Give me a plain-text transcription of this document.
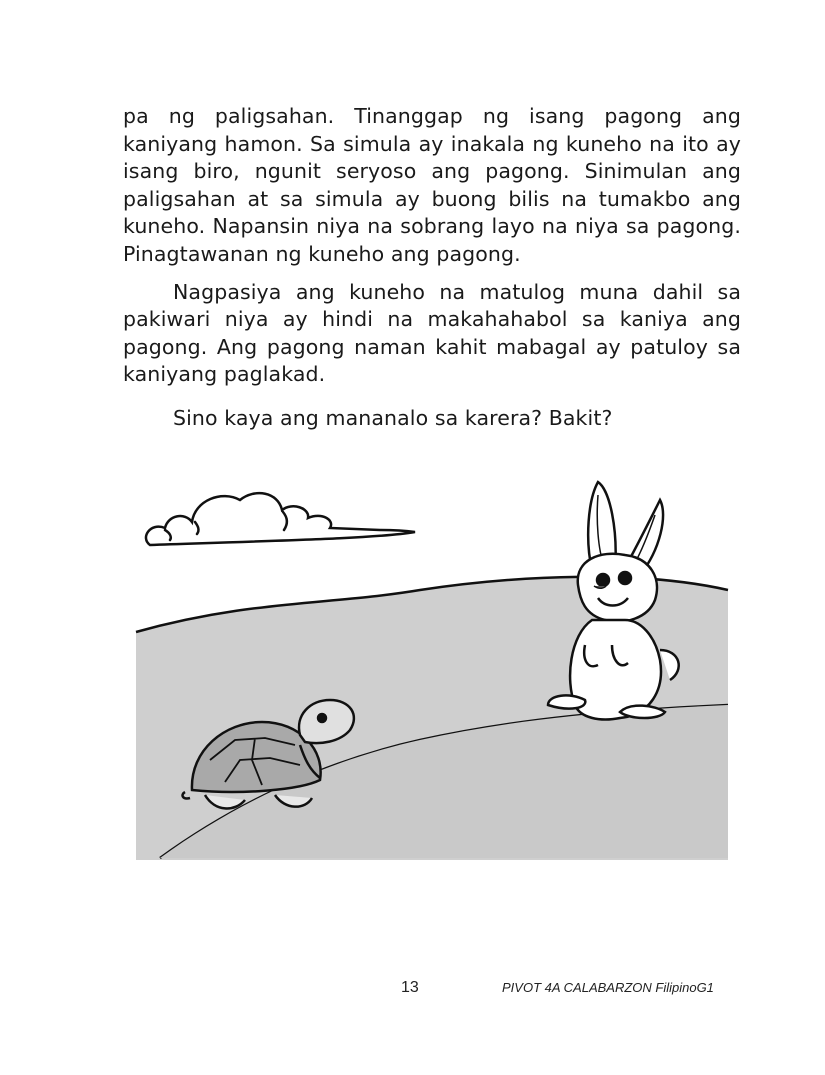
pa ng paligsahan. Tinanggap ng isang pagong ang kaniyang hamon. Sa simula ay inakala ng kuneho na ito ay isang biro, ngunit seryoso ang pagong. Sinimulan ang paligsahan at sa simula ay buong bilis na tumakbo ang kuneho. Napansin niya na sobrang layo na niya sa pagong. Pinagtawanan ng kuneho ang pagong.

Nagpasiya ang kuneho na matulog muna dahil sa pakiwari niya ay hindi na makahahabol sa kaniya ang pagong. Ang pagong naman kahit mabagal ay patuloy sa kaniyang paglakad.

Sino kaya ang mananalo sa karera? Bakit?

13	PIVOT 4A CALABARZON FilipinoG1
